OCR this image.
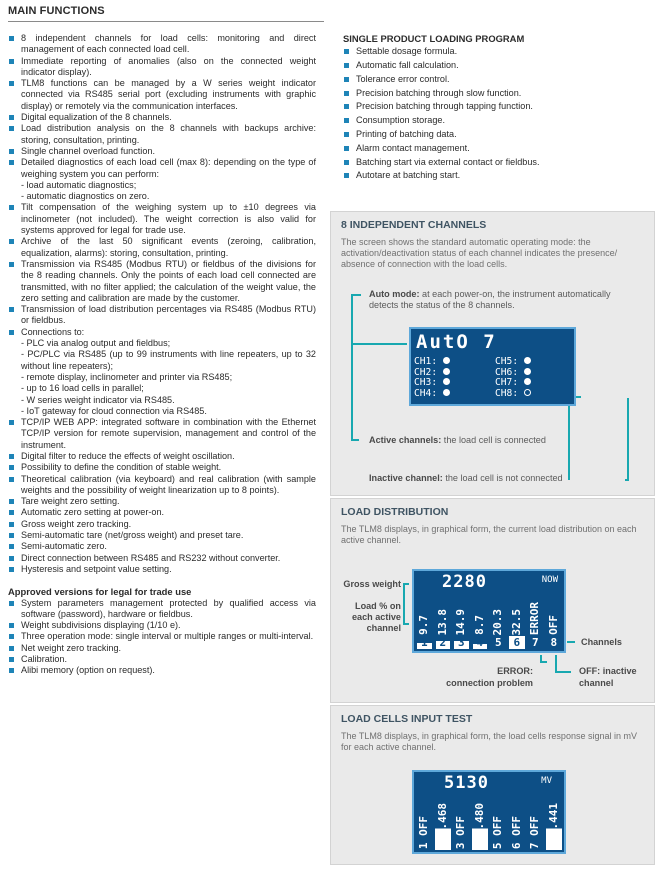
MAIN FUNCTIONS
8 independent channels for load cells: monitoring and direct management of each connected load cell.
Immediate reporting of anomalies (also on the connected weight indicator display).
TLM8 functions can be managed by a W series weight indicator connected via RS485 serial port (excluding instruments with graphic display) or remotely via the communication interfaces.
Digital equalization of the 8 channels.
Load distribution analysis on the 8 channels with backups archive: storing, consultation, printing.
Single channel overload function.
Detailed diagnostics of each load cell (max 8): depending on the type of weighing system you can perform:
- load automatic diagnostics;
- automatic diagnostics on zero.
Tilt compensation of the weighing system up to ±10 degrees via inclinometer (not included). The weight correction is also valid for systems approved for legal for trade use.
Archive of the last 50 significant events (zeroing, calibration, equalization, alarms): storing, consultation, printing.
Transmission via RS485 (Modbus RTU) or fieldbus of the divisions for the 8 reading channels. Only the points of each load cell connected are transmitted, with no filter applied; the calculation of the weight value, the zero setting and calibration are made by the customer.
Transmission of load distribution percentages via RS485 (Modbus RTU) or fieldbus.
Connections to:
- PLC via analog output and fieldbus;
- PC/PLC via RS485 (up to 99 instruments with line repeaters, up to 32 without line repeaters);
- remote display, inclinometer and printer via RS485;
- up to 16 load cells in parallel;
- W series weight indicator via RS485.
- IoT gateway for cloud connection via RS485.
TCP/IP WEB APP: integrated software in combination with the Ethernet TCP/IP version for remote supervision, management and control of the instrument.
Digital filter to reduce the effects of weight oscillation.
Possibility to define the condition of stable weight.
Theoretical calibration (via keyboard) and real calibration (with sample weights and the possibility of weight linearization up to 8 points).
Tare weight zero setting.
Automatic zero setting at power-on.
Gross weight zero tracking.
Semi-automatic tare (net/gross weight) and preset tare.
Semi-automatic zero.
Direct connection between RS485 and RS232 without converter.
Hysteresis and setpoint value setting.
Approved versions for legal for trade use
System parameters management protected by qualified access via software (password), hardware or fieldbus.
Weight subdivisions displaying (1/10 e).
Three operation mode: single interval or multiple ranges or multi-interval.
Net weight zero tracking.
Calibration.
Alibi memory (option on request).
SINGLE PRODUCT LOADING PROGRAM
Settable dosage formula.
Automatic fall calculation.
Tolerance error control.
Precision batching through slow function.
Precision batching through tapping function.
Consumption storage.
Printing of batching data.
Alarm contact management.
Batching start via external contact or fieldbus.
Autotare at batching start.
8 INDEPENDENT CHANNELS
The screen shows the standard automatic operating mode: the activation/deactivation status of each channel indicates the presence/ absence of connection with the load cells.
Auto mode: at each power-on, the instrument automatically detects the status of the 8 channels.
AutO 7
CH1:
CH2:
CH3:
CH4:
CH5:
CH6:
CH7:
CH8:
Active channels: the load cell is connected
Inactive channel: the load cell is not connected
LOAD DISTRIBUTION
The TLM8 displays, in graphical form, the current load distribution on each active channel.
Gross weight
Load % on
each active
channel
2280	NOW
9.7
1
13.8
2
14.9
3
8.7
4
20.3
5
32.5
6
ERROR
7
OFF
8	Channels
ERROR:
connection problem
OFF: inactive
channel
LOAD CELLS INPUT TEST
The TLM8 displays, in graphical form, the load cells response signal in mV for each active channel.
5130	MV
1 OFF 2 6.468 3 OFF 4 3.480 5 OFF 6 OFF 7 OFF 8 5.441
